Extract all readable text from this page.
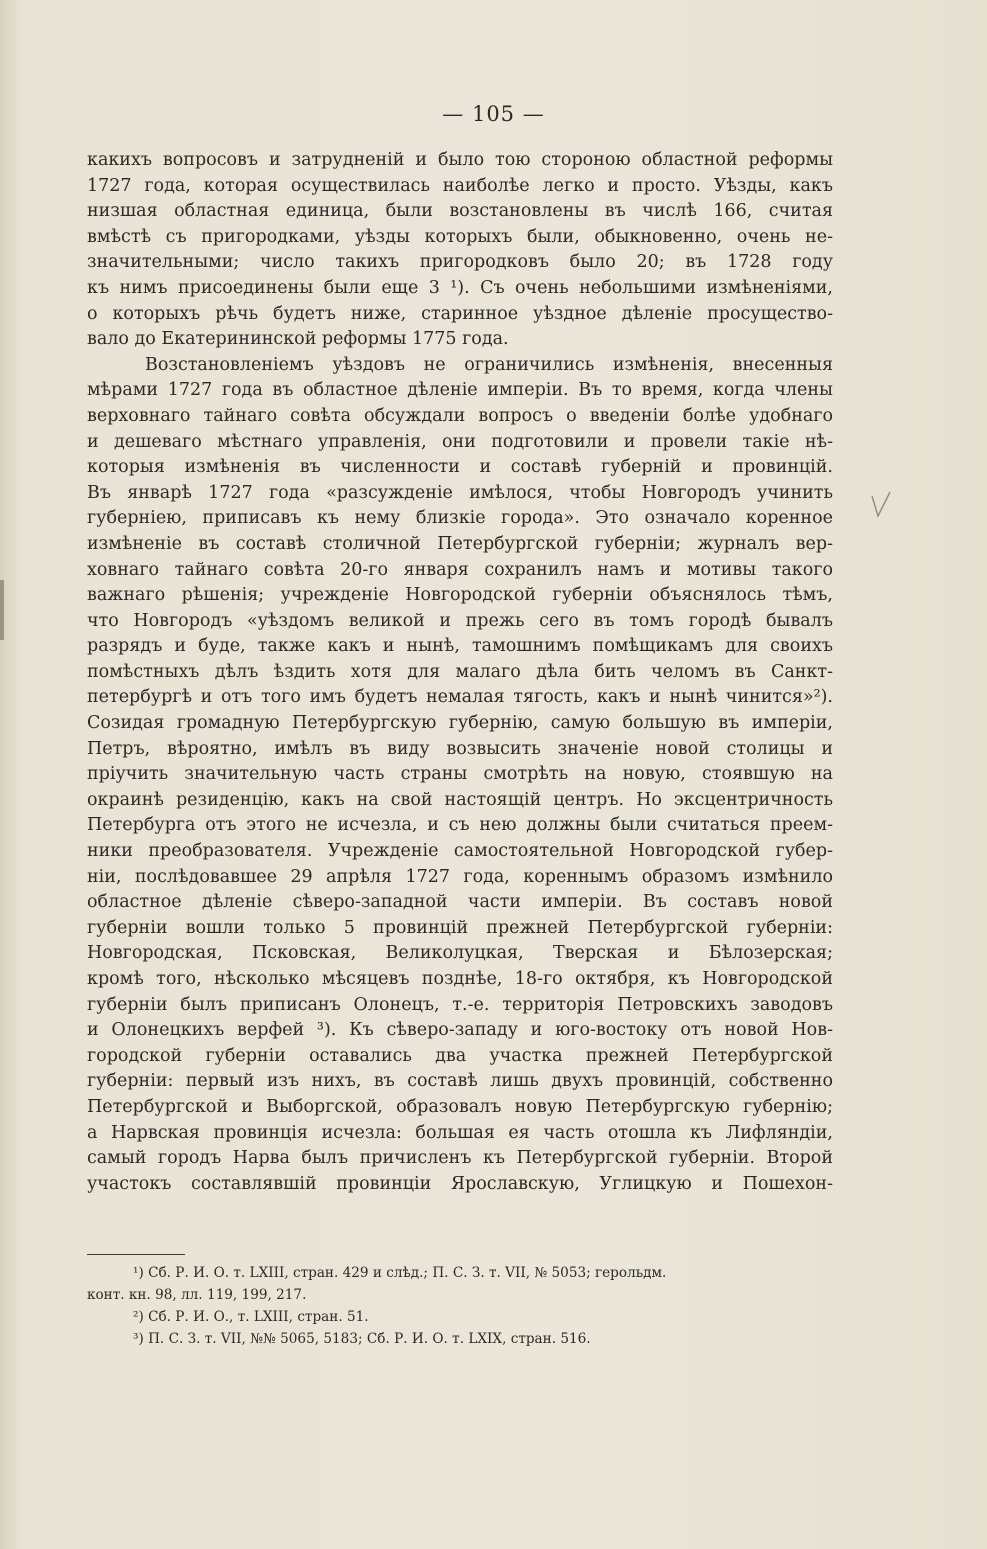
— 105 —
какихъ вопросовъ и затрудненій и было тою стороною областной реформы
1727 года, которая осуществилась наиболѣе легко и просто. Уѣзды, какъ
низшая областная единица, были возстановлены въ числѣ 166, считая
вмѣстѣ съ пригородками, уѣзды которыхъ были, обыкновенно, очень не-
значительными; число такихъ пригородковъ было 20; въ 1728 году
къ нимъ присоединены были еще 3 ¹). Съ очень небольшими измѣненіями,
о которыхъ рѣчь будетъ ниже, старинное уѣздное дѣленіе просущество-
вало до Екатерининской реформы 1775 года.
Возстановленіемъ уѣздовъ не ограничились измѣненія, внесенныя
мѣрами 1727 года въ областное дѣленіе имперіи. Въ то время, когда члены
верховнаго тайнаго совѣта обсуждали вопросъ о введеніи болѣе удобнаго
и дешеваго мѣстнаго управленія, они подготовили и провели такіе нѣ-
которыя измѣненія въ численности и составѣ губерній и провинцій.
Въ январѣ 1727 года «разсужденіе имѣлося, чтобы Новгородъ учинить
губерніею, приписавъ къ нему близкіе города». Это означало коренное
измѣненіе въ составѣ столичной Петербургской губерніи; журналъ вер-
ховнаго тайнаго совѣта 20-го января сохранилъ намъ и мотивы такого
важнаго рѣшенія; учрежденіе Новгородской губерніи объяснялось тѣмъ,
что Новгородъ «уѣздомъ великой и прежь сего въ томъ городѣ бывалъ
разрядъ и буде, также какъ и нынѣ, тамошнимъ помѣщикамъ для своихъ
помѣстныхъ дѣлъ ѣздить хотя для малаго дѣла бить челомъ въ Санкт-
петербургѣ и отъ того имъ будетъ немалая тягость, какъ и нынѣ чинится»²).
Созидая громадную Петербургскую губернію, самую большую въ имперіи,
Петръ, вѣроятно, имѣлъ въ виду возвысить значеніе новой столицы и
пріучить значительную часть страны смотрѣть на новую, стоявшую на
окраинѣ резиденцію, какъ на свой настоящій центръ. Но эксцентричность
Петербурга отъ этого не исчезла, и съ нею должны были считаться преем-
ники преобразователя. Учрежденіе самостоятельной Новгородской губер-
ніи, послѣдовавшее 29 апрѣля 1727 года, кореннымъ образомъ измѣнило
областное дѣленіе сѣверо-западной части имперіи. Въ составъ новой
губерніи вошли только 5 провинцій прежней Петербургской губерніи:
Новгородская, Псковская, Великолуцкая, Тверская и Бѣлозерская;
кромѣ того, нѣсколько мѣсяцевъ позднѣе, 18-го октября, къ Новгородской
губерніи былъ приписанъ Олонецъ, т.-е. территорія Петровскихъ заводовъ
и Олонецкихъ верфей ³). Къ сѣверо-западу и юго-востоку отъ новой Нов-
городской губерніи оставались два участка прежней Петербургской
губерніи: первый изъ нихъ, въ составѣ лишь двухъ провинцій, собственно
Петербургской и Выборгской, образовалъ новую Петербургскую губернію;
а Нарвская провинція исчезла: большая ея часть отошла къ Лифляндіи,
самый городъ Нарва былъ причисленъ къ Петербургской губерніи. Второй
участокъ составлявшій провинціи Ярославскую, Углицкую и Пошехон-
¹) Сб. Р. И. О. т. LXIII, стран. 429 и слѣд.; П. С. З. т. VII, № 5053; герольдм.
конт. кн. 98, лл. 119, 199, 217.
²) Сб. Р. И. О., т. LXIII, стран. 51.
³) П. С. З. т. VII, №№ 5065, 5183; Сб. Р. И. О. т. LXIX, стран. 516.
